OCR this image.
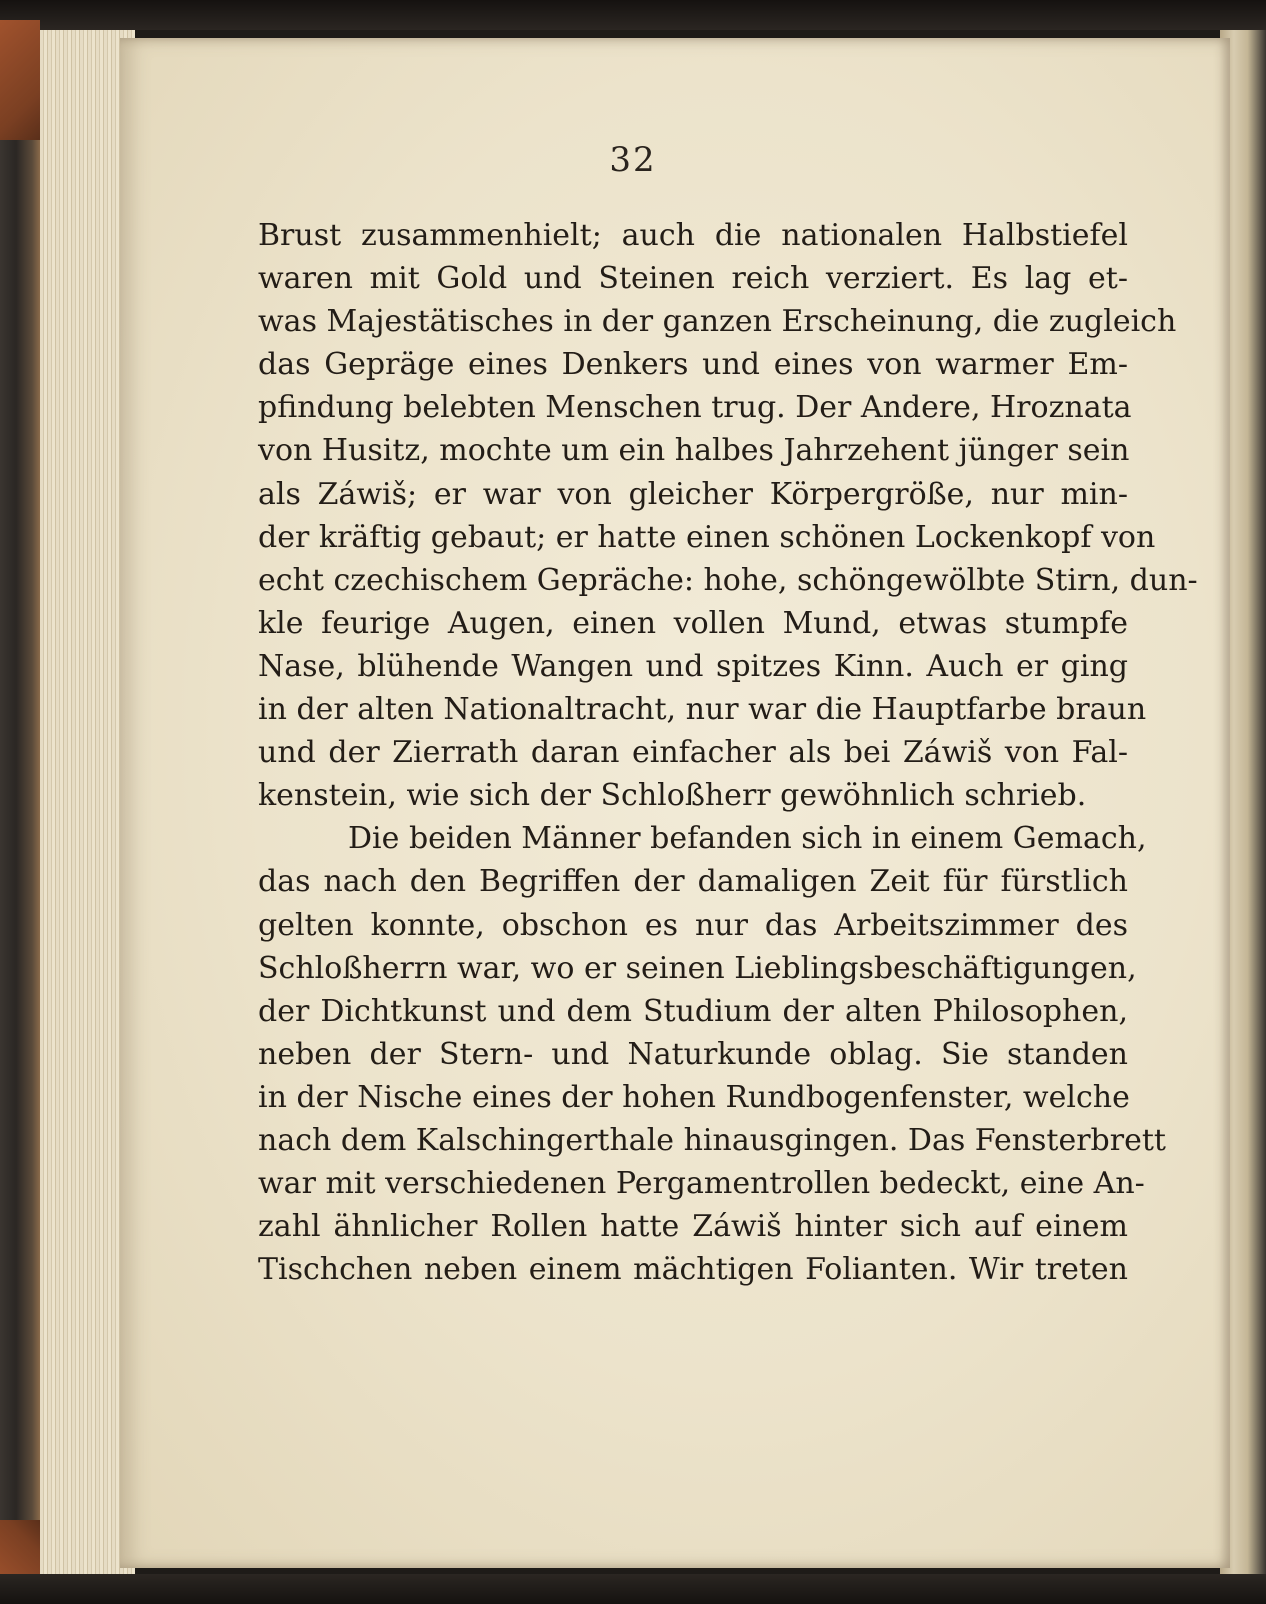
32
Brust zusammenhielt; auch die nationalen Halbstiefel
waren mit Gold und Steinen reich verziert. Es lag et-
was Majestätisches in der ganzen Erscheinung, die zugleich
das Gepräge eines Denkers und eines von warmer Em-
pfindung belebten Menschen trug. Der Andere, Hroznata
von Husitz, mochte um ein halbes Jahrzehent jünger sein
als Záwiš; er war von gleicher Körpergröße, nur min-
der kräftig gebaut; er hatte einen schönen Lockenkopf von
echt czechischem Gepräche: hohe, schöngewölbte Stirn, dun-
kle feurige Augen, einen vollen Mund, etwas stumpfe
Nase, blühende Wangen und spitzes Kinn. Auch er ging
in der alten Nationaltracht, nur war die Hauptfarbe braun
und der Zierrath daran einfacher als bei Záwiš von Fal-
kenstein, wie sich der Schloßherr gewöhnlich schrieb.
Die beiden Männer befanden sich in einem Gemach,
das nach den Begriffen der damaligen Zeit für fürstlich
gelten konnte, obschon es nur das Arbeitszimmer des
Schloßherrn war, wo er seinen Lieblingsbeschäftigungen,
der Dichtkunst und dem Studium der alten Philosophen,
neben der Stern- und Naturkunde oblag. Sie standen
in der Nische eines der hohen Rundbogenfenster, welche
nach dem Kalschingerthale hinausgingen. Das Fensterbrett
war mit verschiedenen Pergamentrollen bedeckt, eine An-
zahl ähnlicher Rollen hatte Záwiš hinter sich auf einem
Tischchen neben einem mächtigen Folianten. Wir treten
